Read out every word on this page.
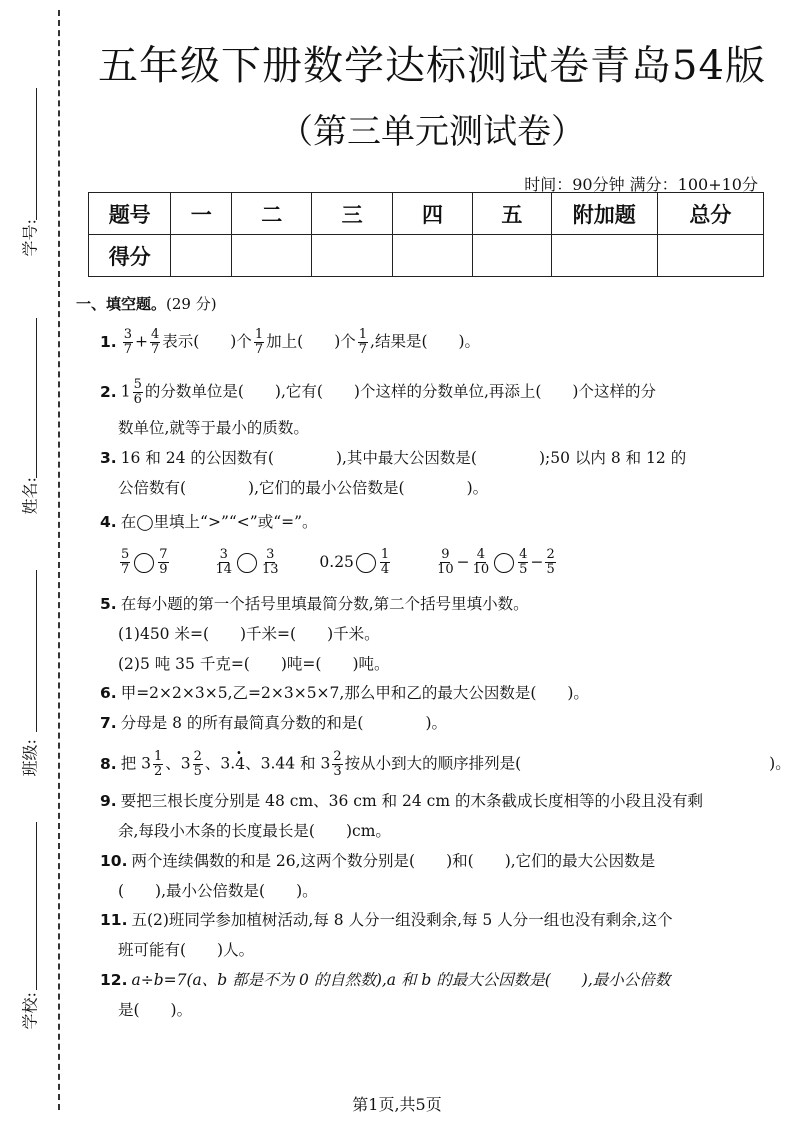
学号:
姓名:
班级:
学校:
五年级下册数学达标测试卷青岛54版
（第三单元测试卷）
时间：90分钟 满分：100+10分
题号	一	二	三	四	五	附加题	总分
得分							
一、填空题。(29 分)
1. $\frac{3}{7} + \frac{4}{7}$ 表示(　　)个 $\frac{1}{7}$ 加上(　　)个 $\frac{1}{7}$ ,结果是(　　)。
2. $1 \frac{5}{6}$ 的分数单位是(　　),它有(　　)个这样的分数单位,再添上(　　)个这样的分
数单位,就等于最小的质数。
3. 16 和 24 的公因数有(　　　　),其中最大公因数是(　　　　);50 以内 8 和 12 的
公倍数有(　　　　),它们的最小公倍数是(　　　　)。
4. 在◯里填上“>”“<”或“=”。
$\frac{5}{7} \frac{7}{9}$
	$\frac{3}{14} \frac{3}{13}$	$0.25 \frac{1}{4}$
	$\frac{9}{10} - \frac{4}{10} \frac{4}{5} - \frac{2}{5}$
5. 在每小题的第一个括号里填最简分数,第二个括号里填小数。
(1)450 米=(　　)千米=(　　)千米。
(2)5 吨 35 千克=(　　)吨=(　　)吨。
6. 甲=2×2×3×5,乙=2×3×5×7,那么甲和乙的最大公因数是(　　)。
7. 分母是 8 的所有最简真分数的和是(　　　　)。
8. 把 $3 \frac{1}{2}$ 、$3 \frac{2}{5}$ 、3.· 4、3.44 和 $3 \frac{2}{3}$ 按从小到大的顺序排列是(　　　　　　　　　　　　　　　　)。
9. 要把三根长度分别是 48 cm、36 cm 和 24 cm 的木条截成长度相等的小段且没有剩
余,每段小木条的长度最长是(　　)cm。
10. 两个连续偶数的和是 26,这两个数分别是(　　)和(　　),它们的最大公因数是
(　　),最小公倍数是(　　)。
11. 五(2)班同学参加植树活动,每 8 人分一组没剩余,每 5 人分一组也没有剩余,这个
班可能有(　　)人。
12. a÷b=7(a、b 都是不为 0 的自然数),a 和 b 的最大公因数是(　　),最小公倍数
是(　　)。
第1页,共5页
